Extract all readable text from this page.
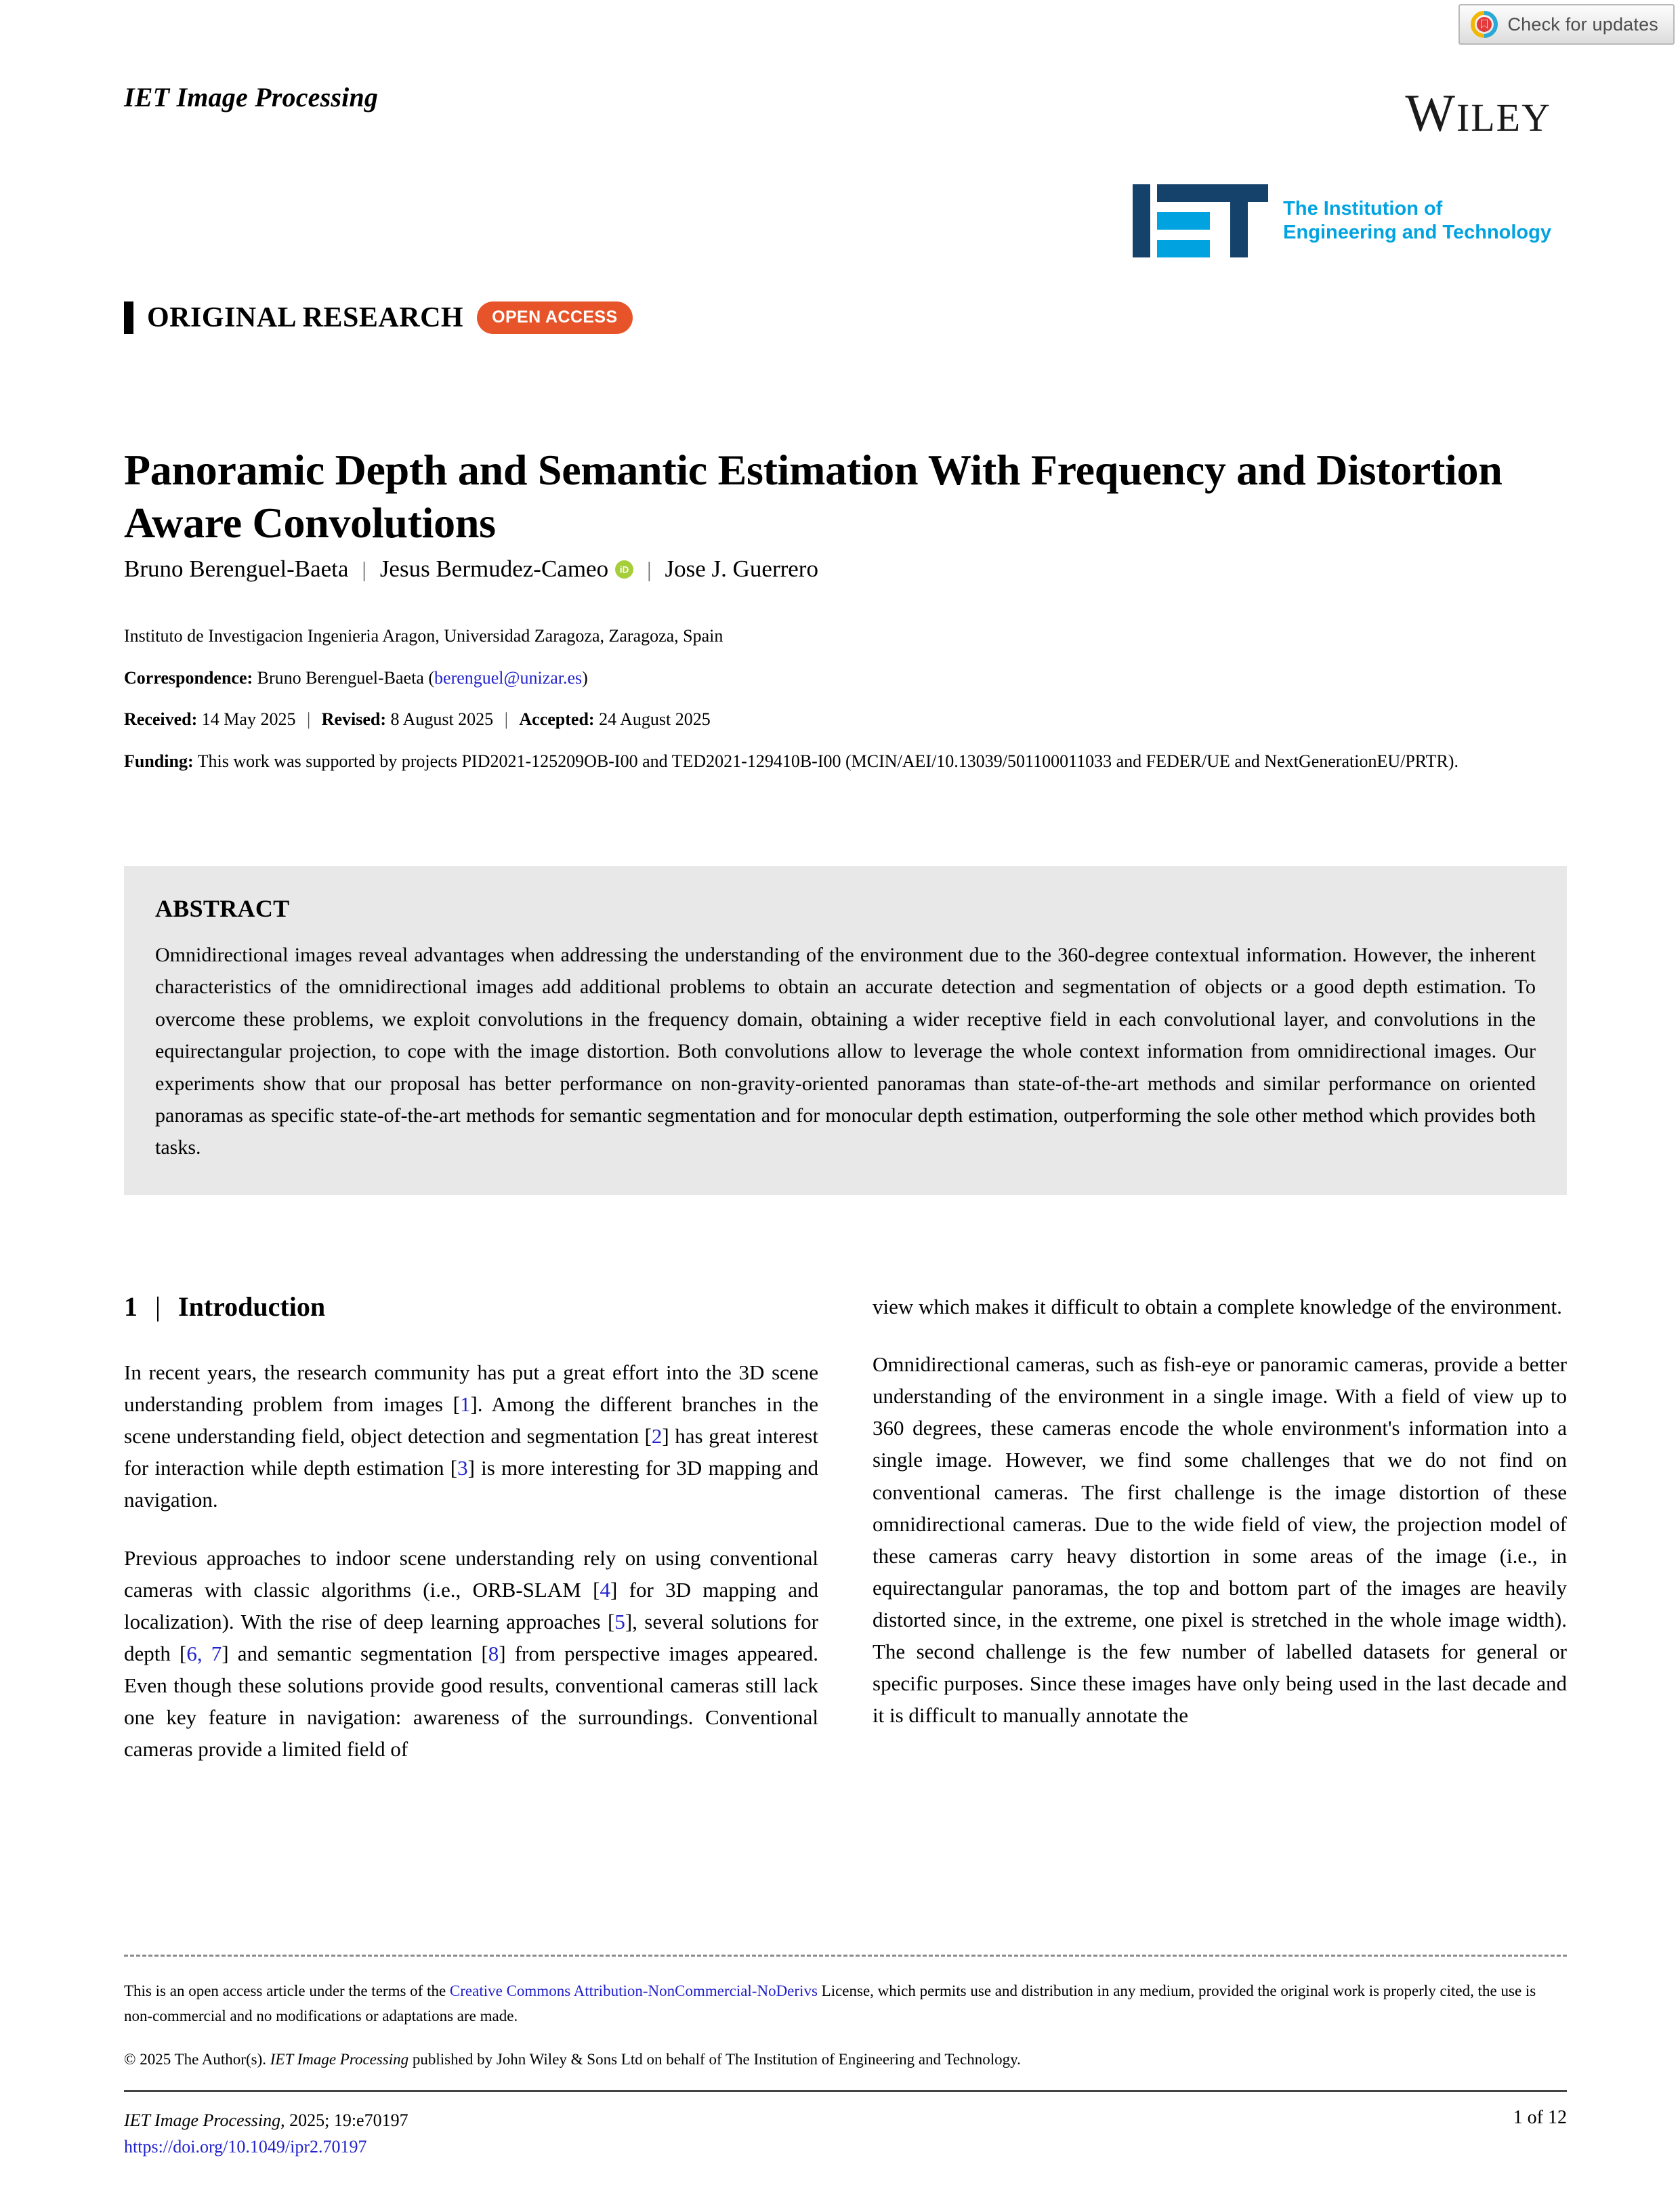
Check for updates
IET Image Processing	WILEY
The Institution of
Engineering and Technology
ORIGINAL RESEARCH	OPEN ACCESS
Panoramic Depth and Semantic Estimation With Frequency and Distortion Aware Convolutions
Bruno Berenguel-Baeta | Jesus Bermudez-Cameo iD | Jose J. Guerrero
Instituto de Investigacion Ingenieria Aragon, Universidad Zaragoza, Zaragoza, Spain
Correspondence: Bruno Berenguel-Baeta (berenguel@unizar.es)
Received: 14 May 2025 | Revised: 8 August 2025 | Accepted: 24 August 2025
Funding: This work was supported by projects PID2021-125209OB-I00 and TED2021-129410B-I00 (MCIN/AEI/10.13039/501100011033 and FEDER/UE and NextGenerationEU/PRTR).
ABSTRACT

Omnidirectional images reveal advantages when addressing the understanding of the environment due to the 360-degree contextual information. However, the inherent characteristics of the omnidirectional images add additional problems to obtain an accurate detection and segmentation of objects or a good depth estimation. To overcome these problems, we exploit convolutions in the frequency domain, obtaining a wider receptive field in each convolutional layer, and convolutions in the equirectangular projection, to cope with the image distortion. Both convolutions allow to leverage the whole context information from omnidirectional images. Our experiments show that our proposal has better performance on non-gravity-oriented panoramas than state-of-the-art methods and similar performance on oriented panoramas as specific state-of-the-art methods for semantic segmentation and for monocular depth estimation, outperforming the sole other method which provides both tasks.

1 | Introduction

In recent years, the research community has put a great effort into the 3D scene understanding problem from images [1]. Among the different branches in the scene understanding field, object detection and segmentation [2] has great interest for interaction while depth estimation [3] is more interesting for 3D mapping and navigation.

Previous approaches to indoor scene understanding rely on using conventional cameras with classic algorithms (i.e., ORB-SLAM [4] for 3D mapping and localization). With the rise of deep learning approaches [5], several solutions for depth [6, 7] and semantic segmentation [8] from perspective images appeared. Even though these solutions provide good results, conventional cameras still lack one key feature in navigation: awareness of the surroundings. Conventional cameras provide a limited field of

view which makes it difficult to obtain a complete knowledge of the environment.

Omnidirectional cameras, such as fish-eye or panoramic cameras, provide a better understanding of the environment in a single image. With a field of view up to 360 degrees, these cameras encode the whole environment's information into a single image. However, we find some challenges that we do not find on conventional cameras. The first challenge is the image distortion of these omnidirectional cameras. Due to the wide field of view, the projection model of these cameras carry heavy distortion in some areas of the image (i.e., in equirectangular panoramas, the top and bottom part of the images are heavily distorted since, in the extreme, one pixel is stretched in the whole image width). The second challenge is the few number of labelled datasets for general or specific purposes. Since these images have only being used in the last decade and it is difficult to manually annotate the

This is an open access article under the terms of the Creative Commons Attribution-NonCommercial-NoDerivs License, which permits use and distribution in any medium, provided the original work is properly cited, the use is non-commercial and no modifications or adaptations are made.
© 2025 The Author(s). IET Image Processing published by John Wiley & Sons Ltd on behalf of The Institution of Engineering and Technology.
IET Image Processing, 2025; 19:e70197
https://doi.org/10.1049/ipr2.70197
1 of 12
